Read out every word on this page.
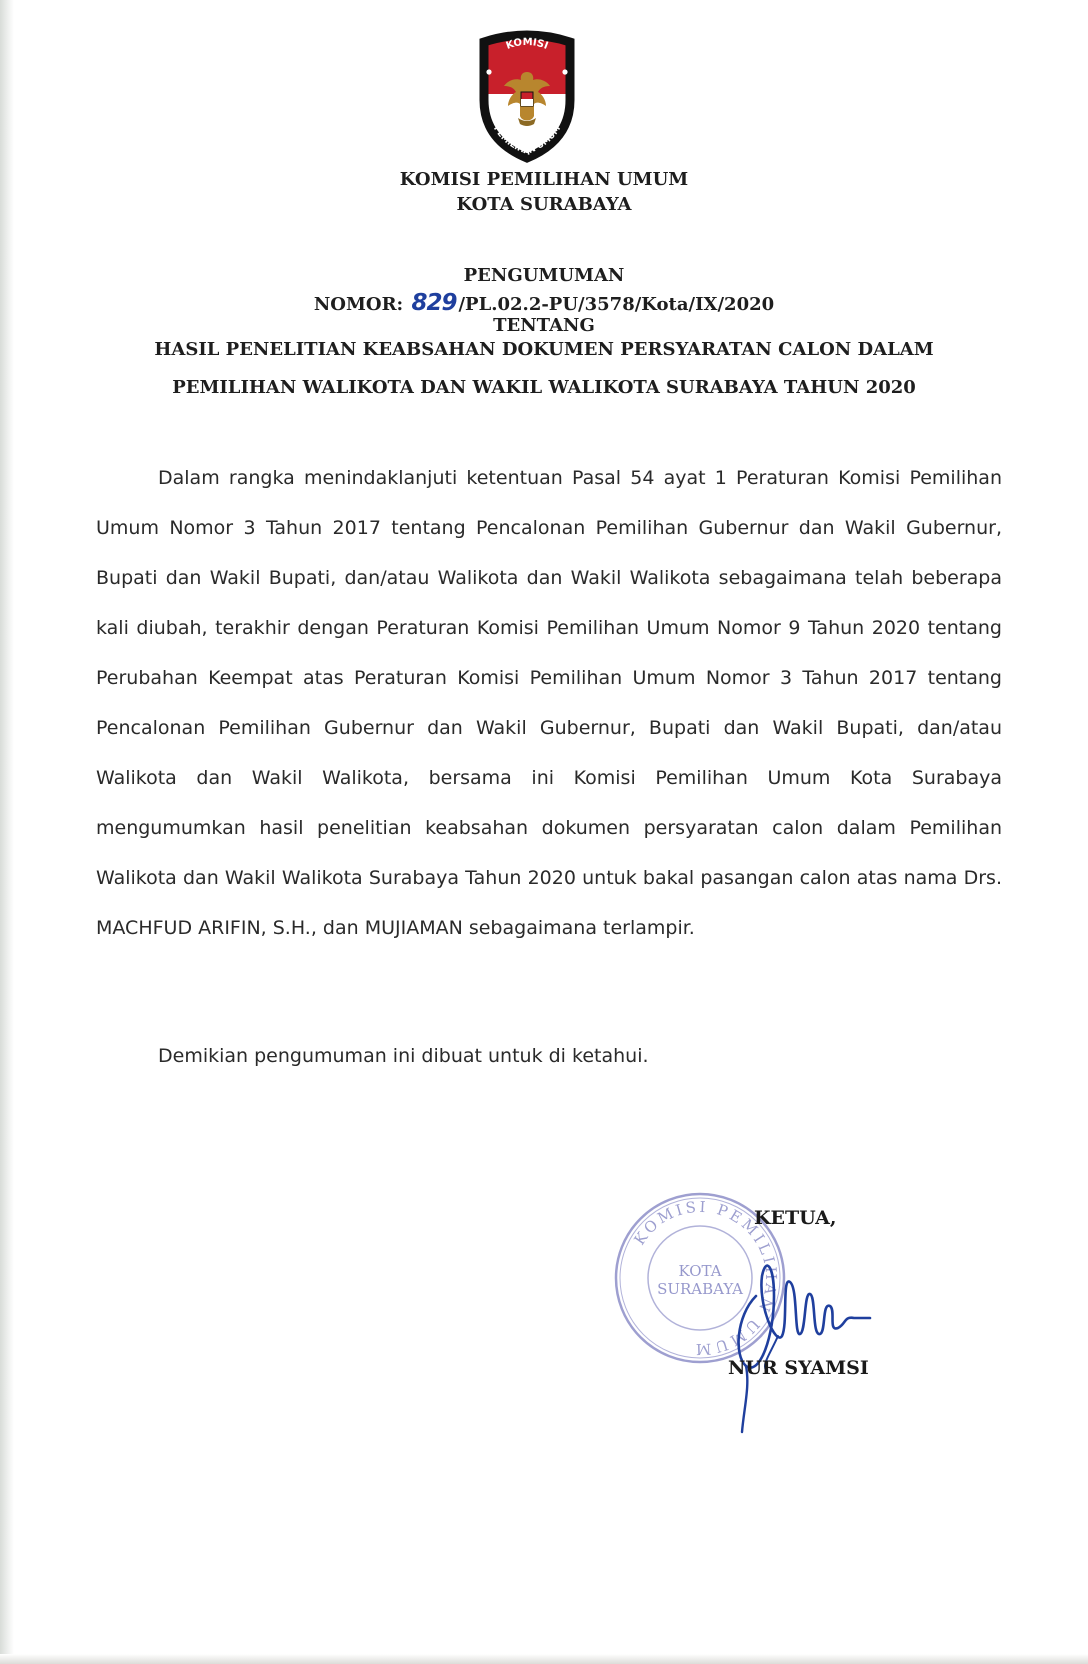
KOMISI
PEMILIHAN UMUM
KOMISI PEMILIHAN UMUM
KOTA SURABAYA
PENGUMUMAN
NOMOR: 829 /PL.02.2-PU/3578/Kota/IX/2020
TENTANG
HASIL PENELITIAN KEABSAHAN DOKUMEN PERSYARATAN CALON DALAM
PEMILIHAN WALIKOTA DAN WAKIL WALIKOTA SURABAYA TAHUN 2020

Dalam rangka menindaklanjuti ketentuan Pasal 54 ayat 1 Peraturan Komisi Pemilihan Umum Nomor 3 Tahun 2017 tentang Pencalonan Pemilihan Gubernur dan Wakil Gubernur, Bupati dan Wakil Bupati, dan/atau Walikota dan Wakil Walikota sebagaimana telah beberapa kali diubah, terakhir dengan Peraturan Komisi Pemilihan Umum Nomor 9 Tahun 2020 tentang Perubahan Keempat atas Peraturan Komisi Pemilihan Umum Nomor 3 Tahun 2017 tentang Pencalonan Pemilihan Gubernur dan Wakil Gubernur, Bupati dan Wakil Bupati, dan/atau Walikota dan Wakil Walikota, bersama ini Komisi Pemilihan Umum Kota Surabaya mengumumkan hasil penelitian keabsahan dokumen persyaratan calon dalam Pemilihan Walikota dan Wakil Walikota Surabaya Tahun 2020 untuk bakal pasangan calon atas nama Drs. MACHFUD ARIFIN, S.H., dan MUJIAMAN sebagaimana terlampir.

Demikian pengumuman ini dibuat untuk di ketahui.

KOMISI PEMILIHAN UMUM
KOTA
SURABAYA
KETUA,
NUR SYAMSI
